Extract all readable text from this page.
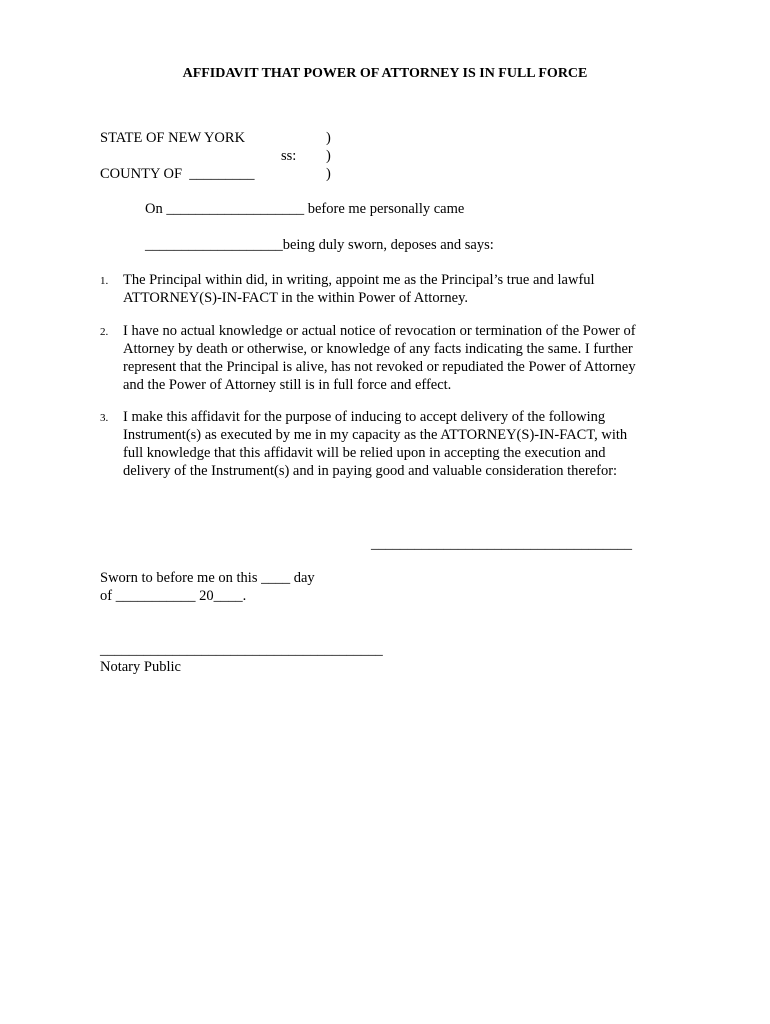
AFFIDAVIT THAT POWER OF ATTORNEY IS IN FULL FORCE
STATE OF NEW YORK	)
ss: )
COUNTY OF  _________	)
On ___________________ before me personally came
___________________being duly sworn, deposes and says:
1. The Principal within did, in writing, appoint me as the Principal’s true and lawful
ATTORNEY(S)-IN-FACT in the within Power of Attorney.
2. I have no actual knowledge or actual notice of revocation or termination of the Power of
Attorney by death or otherwise, or knowledge of any facts indicating the same. I further
represent that the Principal is alive, has not revoked or repudiated the Power of Attorney
and the Power of Attorney still is in full force and effect.
3. I make this affidavit for the purpose of inducing to accept delivery of the following
Instrument(s) as executed by me in my capacity as the ATTORNEY(S)-IN-FACT, with
full knowledge that this affidavit will be relied upon in accepting the execution and
delivery of the Instrument(s) and in paying good and valuable consideration therefor:
____________________________________
Sworn to before me on this ____ day
of ___________ 20____.
_______________________________________
Notary Public
